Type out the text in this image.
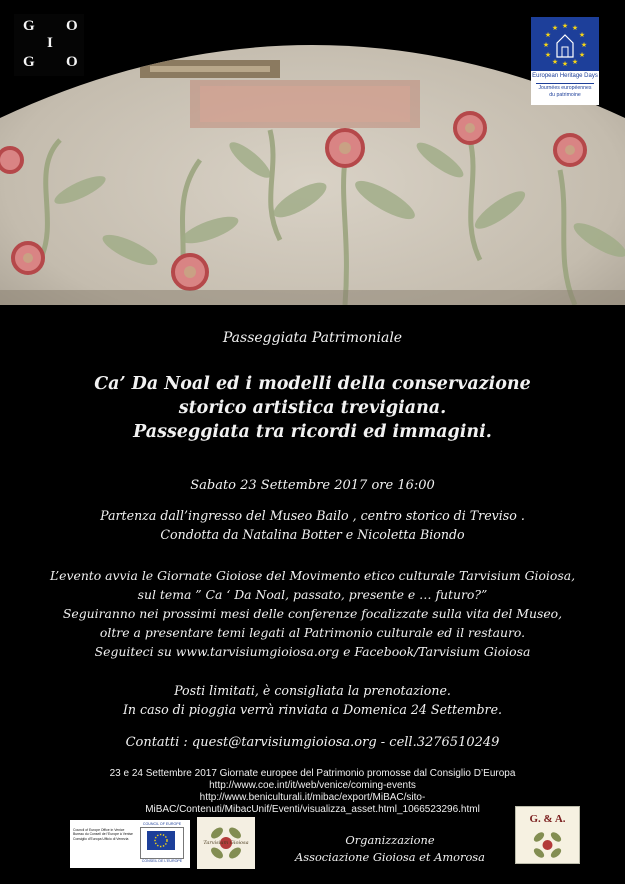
G O
I
G O
★ ★
★
★
★
★
★
★
★
★
★
★
European Heritage Days
Journées européennes
du patrimoine
Passeggiata Patrimoniale
Ca’ Da Noal ed i modelli della conservazione
storico artistica trevigiana.
Passeggiata tra ricordi ed immagini.
Sabato 23 Settembre 2017 ore 16:00
Partenza dall’ingresso del Museo Bailo , centro storico di Treviso .
Condotta da Natalina Botter e Nicoletta Biondo
L’evento avvia le Giornate Gioiose del Movimento etico culturale Tarvisium Gioiosa,
sul tema ” Ca ‘ Da Noal, passato, presente e … futuro?”
Seguiranno nei prossimi mesi delle conferenze focalizzate sulla vita del Museo,
oltre a presentare temi legati al Patrimonio culturale ed il restauro.
Seguiteci su www.tarvisiumgioiosa.org e Facebook/Tarvisium Gioiosa
Posti limitati, è consigliata la prenotazione.
In caso di pioggia verrà rinviata a Domenica 24 Settembre.
Contatti : quest@tarvisiumgioiosa.org - cell.3276510249
23 e 24 Settembre 2017 Giornate europee del Patrimonio promosse dal Consiglio D’Europa
http://www.coe.int/it/web/venice/coming-events
http://www.beniculturali.it/mibac/export/MiBAC/sito-
MiBAC/Contenuti/MibacUnif/Eventi/visualizza_asset.html_1066523296.html
Council of Europe Office in Venice
Bureau du Conseil de l’Europe à Venise
Consiglio d’Europa Ufficio di Venezia
COUNCIL OF EUROPE
CONSEIL DE L’EUROPE
Tarvisium Gioiosa
G. & A.
Organizzazione
Associazione Gioiosa et Amorosa
